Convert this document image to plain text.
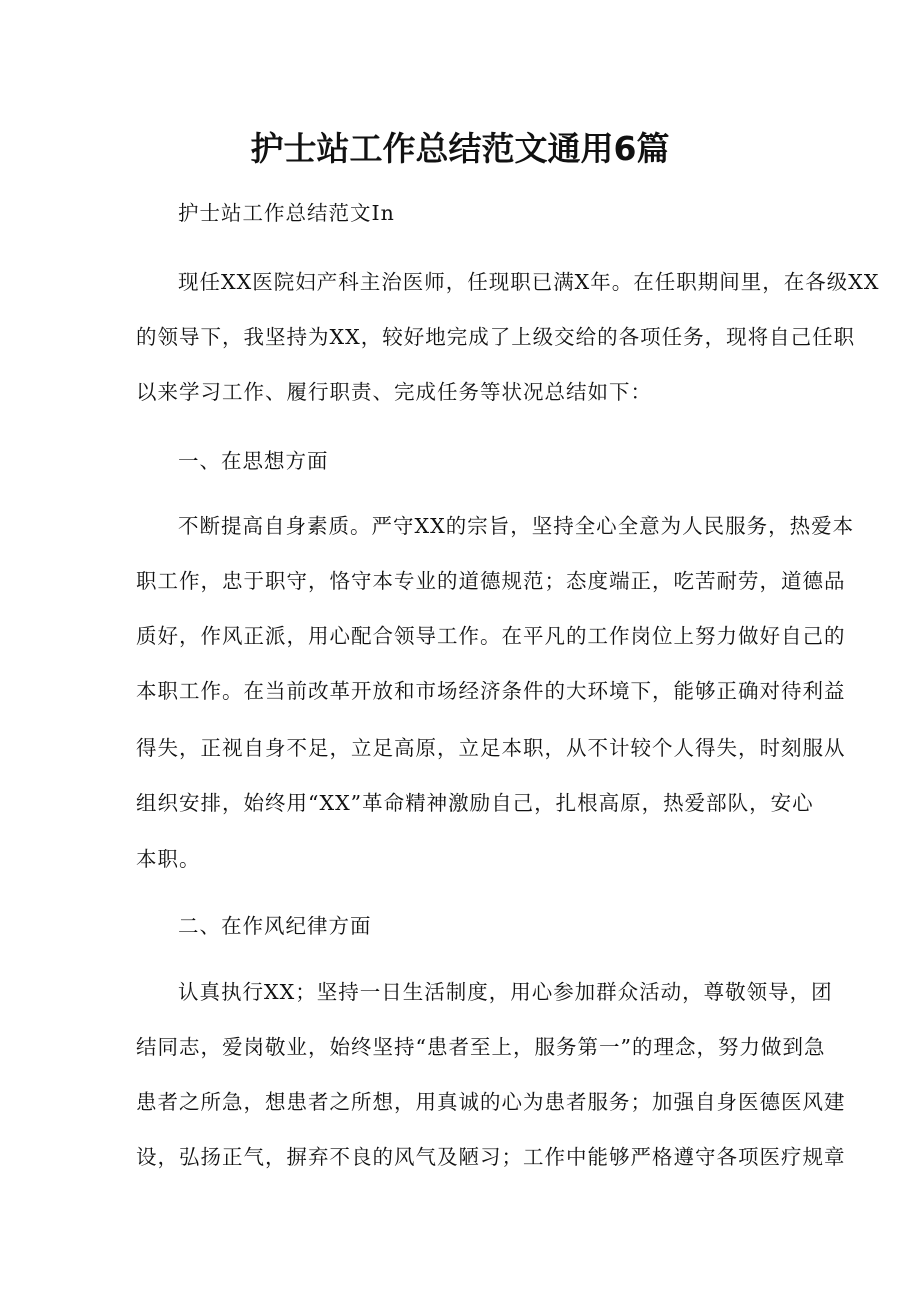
护士站工作总结范文通用6篇
护士站工作总结范文In
现任XX医院妇产科主治医师，任现职已满X年。在任职期间里，在各级XX
的领导下，我坚持为XX，较好地完成了上级交给的各项任务，现将自己任职
以来学习工作、履行职责、完成任务等状况总结如下：
一、在思想方面
不断提高自身素质。严守XX的宗旨，坚持全心全意为人民服务，热爱本
职工作，忠于职守，恪守本专业的道德规范；态度端正，吃苦耐劳，道德品
质好，作风正派，用心配合领导工作。在平凡的工作岗位上努力做好自己的
本职工作。在当前改革开放和市场经济条件的大环境下，能够正确对待利益
得失，正视自身不足，立足高原，立足本职，从不计较个人得失，时刻服从
组织安排，始终用“XX”革命精神激励自己，扎根高原，热爱部队，安心
本职。
二、在作风纪律方面
认真执行XX；坚持一日生活制度，用心参加群众活动，尊敬领导，团
结同志，爱岗敬业，始终坚持“患者至上，服务第一”的理念，努力做到急
患者之所急，想患者之所想，用真诚的心为患者服务；加强自身医德医风建
设，弘扬正气，摒弃不良的风气及陋习；工作中能够严格遵守各项医疗规章
